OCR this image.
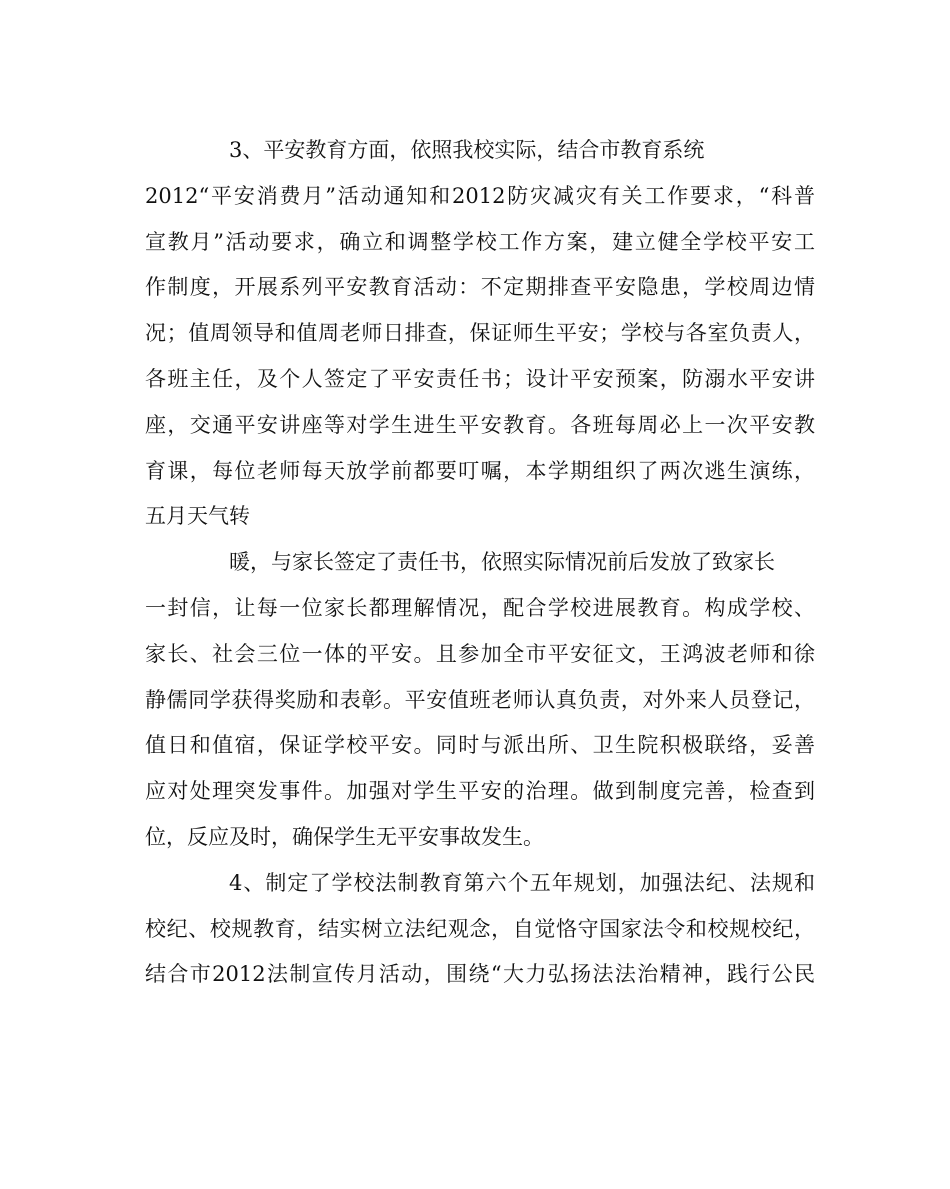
3、平安教育方面，依照我校实际，结合市教育系统
2012“平安消费月”活动通知和2012防灾减灾有关工作要求，“科普
宣教月”活动要求，确立和调整学校工作方案，建立健全学校平安工
作制度，开展系列平安教育活动：不定期排查平安隐患，学校周边情
况；值周领导和值周老师日排查，保证师生平安；学校与各室负责人，
各班主任，及个人签定了平安责任书；设计平安预案，防溺水平安讲
座，交通平安讲座等对学生进生平安教育。各班每周必上一次平安教
育课，每位老师每天放学前都要叮嘱，本学期组织了两次逃生演练，
五月天气转
暖，与家长签定了责任书，依照实际情况前后发放了致家长
一封信，让每一位家长都理解情况，配合学校进展教育。构成学校、
家长、社会三位一体的平安。且参加全市平安征文，王鸿波老师和徐
静儒同学获得奖励和表彰。平安值班老师认真负责，对外来人员登记，
值日和值宿，保证学校平安。同时与派出所、卫生院积极联络，妥善
应对处理突发事件。加强对学生平安的治理。做到制度完善，检查到
位，反应及时，确保学生无平安事故发生。
4、制定了学校法制教育第六个五年规划，加强法纪、法规和
校纪、校规教育，结实树立法纪观念，自觉恪守国家法令和校规校纪，
结合市2012法制宣传月活动，围绕“大力弘扬法法治精神，践行公民
